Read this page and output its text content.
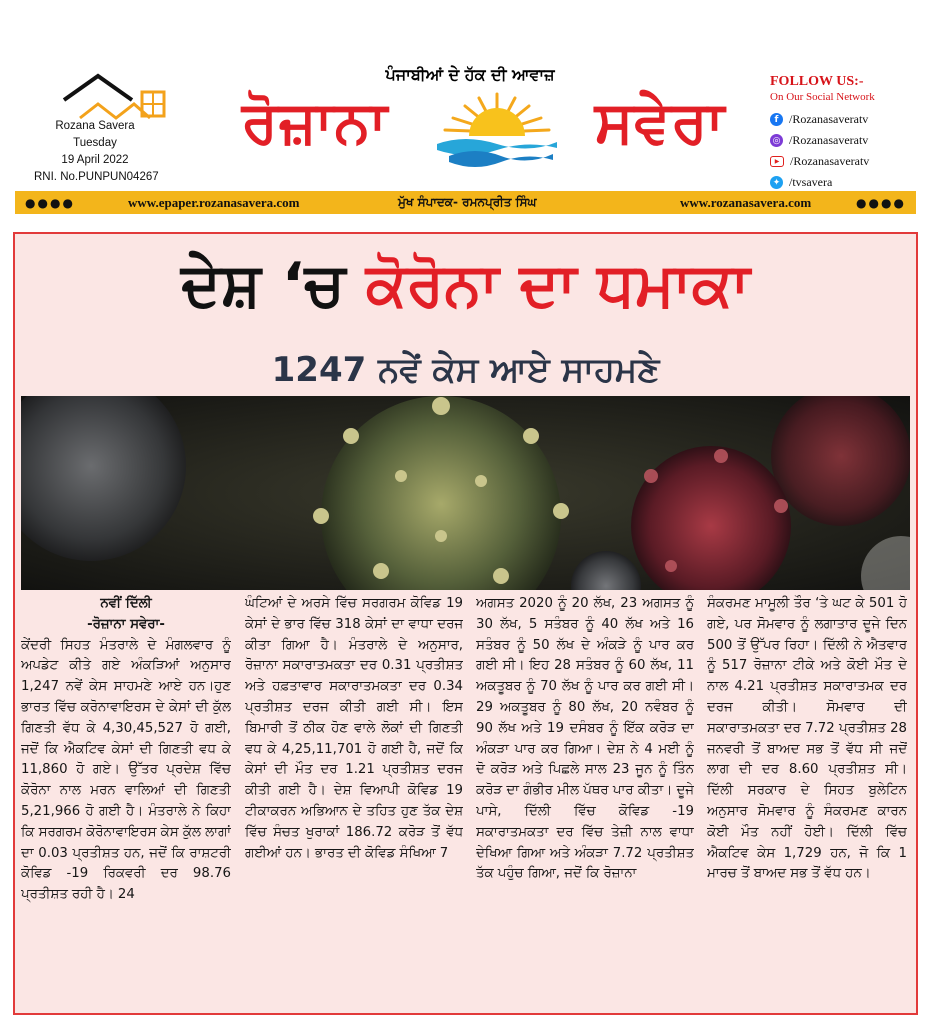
Rozana Savera
Tuesday
19 April 2022
RNI. No.PUNPUN04267
ਪੰਜਾਬੀਆਂ ਦੇ ਹੱਕ ਦੀ ਆਵਾਜ਼
ਰੋਜ਼ਾਨਾ	ਸਵੇਰਾ
FOLLOW US:-
On Our Social Network
f /Rozanasaveratv
◎ /Rozanasaveratv
▶ /Rozanasaveratv
✦ /tvsavera
●●●●	www.epaper.rozanasavera.com	ਮੁੱਖ ਸੰਪਾਦਕ- ਰਮਨਪ੍ਰੀਤ ਸਿੰਘ	www.rozanasavera.com	●●●●
ਦੇਸ਼ ‘ਚ ਕੋਰੋਨਾ ਦਾ ਧਮਾਕਾ
1247 ਨਵੇਂ ਕੇਸ ਆਏ ਸਾਹਮਣੇ

ਨਵੀਂ ਦਿੱਲੀ

-ਰੋਜ਼ਾਨਾ ਸਵੇਰਾ-

ਕੇਂਦਰੀ ਸਿਹਤ ਮੰਤਰਾਲੇ ਦੇ ਮੰਗਲਵਾਰ ਨੂੰ ਅਪਡੇਟ ਕੀਤੇ ਗਏ ਅੰਕੜਿਆਂ ਅਨੁਸਾਰ 1,247 ਨਵੇਂ ਕੇਸ ਸਾਹਮਣੇ ਆਏ ਹਨ।ਹੁਣ ਭਾਰਤ ਵਿੱਚ ਕਰੋਨਾਵਾਇਰਸ ਦੇ ਕੇਸਾਂ ਦੀ ਕੁੱਲ ਗਿਣਤੀ ਵੱਧ ਕੇ 4,30,45,527 ਹੋ ਗਈ, ਜਦੋਂ ਕਿ ਐਕਟਿਵ ਕੇਸਾਂ ਦੀ ਗਿਣਤੀ ਵਧ ਕੇ 11,860 ਹੋ ਗਏ। ਉੱਤਰ ਪ੍ਰਦੇਸ਼ ਵਿੱਚ ਕੋਰੋਨਾ ਨਾਲ ਮਰਨ ਵਾਲਿਆਂ ਦੀ ਗਿਣਤੀ 5,21,966 ਹੋ ਗਈ ਹੈ। ਮੰਤਰਾਲੇ ਨੇ ਕਿਹਾ ਕਿ ਸਰਗਰਮ ਕੋਰੋਨਾਵਾਇਰਸ ਕੇਸ ਕੁੱਲ ਲਾਗਾਂ ਦਾ 0.03 ਪ੍ਰਤੀਸ਼ਤ ਹਨ, ਜਦੋਂ ਕਿ ਰਾਸ਼ਟਰੀ ਕੋਵਿਡ -19 ਰਿਕਵਰੀ ਦਰ 98.76 ਪ੍ਰਤੀਸ਼ਤ ਰਹੀ ਹੈ। 24

ਘੰਟਿਆਂ ਦੇ ਅਰਸੇ ਵਿੱਚ ਸਰਗਰਮ ਕੋਵਿਡ 19 ਕੇਸਾਂ ਦੇ ਭਾਰ ਵਿੱਚ 318 ਕੇਸਾਂ ਦਾ ਵਾਧਾ ਦਰਜ ਕੀਤਾ ਗਿਆ ਹੈ। ਮੰਤਰਾਲੇ ਦੇ ਅਨੁਸਾਰ, ਰੋਜ਼ਾਨਾ ਸਕਾਰਾਤਮਕਤਾ ਦਰ 0.31 ਪ੍ਰਤੀਸ਼ਤ ਅਤੇ ਹਫ਼ਤਾਵਾਰ ਸਕਾਰਾਤਮਕਤਾ ਦਰ 0.34 ਪ੍ਰਤੀਸ਼ਤ ਦਰਜ ਕੀਤੀ ਗਈ ਸੀ। ਇਸ ਬਿਮਾਰੀ ਤੋਂ ਠੀਕ ਹੋਣ ਵਾਲੇ ਲੋਕਾਂ ਦੀ ਗਿਣਤੀ ਵਧ ਕੇ 4,25,11,701 ਹੋ ਗਈ ਹੈ, ਜਦੋਂ ਕਿ ਕੇਸਾਂ ਦੀ ਮੌਤ ਦਰ 1.21 ਪ੍ਰਤੀਸ਼ਤ ਦਰਜ ਕੀਤੀ ਗਈ ਹੈ। ਦੇਸ਼ ਵਿਆਪੀ ਕੋਵਿਡ 19 ਟੀਕਾਕਰਨ ਅਭਿਆਨ ਦੇ ਤਹਿਤ ਹੁਣ ਤੱਕ ਦੇਸ਼ ਵਿੱਚ ਸੰਚਤ ਖੁਰਾਕਾਂ 186.72 ਕਰੋੜ ਤੋਂ ਵੱਧ ਗਈਆਂ ਹਨ। ਭਾਰਤ ਦੀ ਕੋਵਿਡ ਸੰਖਿਆ 7

ਅਗਸਤ 2020 ਨੂੰ 20 ਲੱਖ, 23 ਅਗਸਤ ਨੂੰ 30 ਲੱਖ, 5 ਸਤੰਬਰ ਨੂੰ 40 ਲੱਖ ਅਤੇ 16 ਸਤੰਬਰ ਨੂੰ 50 ਲੱਖ ਦੇ ਅੰਕੜੇ ਨੂੰ ਪਾਰ ਕਰ ਗਈ ਸੀ। ਇਹ 28 ਸਤੰਬਰ ਨੂੰ 60 ਲੱਖ, 11 ਅਕਤੂਬਰ ਨੂੰ 70 ਲੱਖ ਨੂੰ ਪਾਰ ਕਰ ਗਈ ਸੀ। 29 ਅਕਤੂਬਰ ਨੂੰ 80 ਲੱਖ, 20 ਨਵੰਬਰ ਨੂੰ 90 ਲੱਖ ਅਤੇ 19 ਦਸੰਬਰ ਨੂੰ ਇੱਕ ਕਰੋੜ ਦਾ ਅੰਕੜਾ ਪਾਰ ਕਰ ਗਿਆ। ਦੇਸ਼ ਨੇ 4 ਮਈ ਨੂੰ ਦੋ ਕਰੋੜ ਅਤੇ ਪਿਛਲੇ ਸਾਲ 23 ਜੂਨ ਨੂੰ ਤਿੰਨ ਕਰੋੜ ਦਾ ਗੰਭੀਰ ਮੀਲ ਪੱਥਰ ਪਾਰ ਕੀਤਾ। ਦੂਜੇ ਪਾਸੇ, ਦਿੱਲੀ ਵਿੱਚ ਕੋਵਿਡ -19 ਸਕਾਰਾਤਮਕਤਾ ਦਰ ਵਿੱਚ ਤੇਜ਼ੀ ਨਾਲ ਵਾਧਾ ਦੇਖਿਆ ਗਿਆ ਅਤੇ ਅੰਕੜਾ 7.72 ਪ੍ਰਤੀਸ਼ਤ ਤੱਕ ਪਹੁੰਚ ਗਿਆ, ਜਦੋਂ ਕਿ ਰੋਜ਼ਾਨਾ

ਸੰਕਰਮਣ ਮਾਮੂਲੀ ਤੌਰ ‘ਤੇ ਘਟ ਕੇ 501 ਹੋ ਗਏ, ਪਰ ਸੋਮਵਾਰ ਨੂੰ ਲਗਾਤਾਰ ਦੂਜੇ ਦਿਨ 500 ਤੋਂ ਉੱਪਰ ਰਿਹਾ। ਦਿੱਲੀ ਨੇ ਐਤਵਾਰ ਨੂੰ 517 ਰੋਜ਼ਾਨਾ ਟੀਕੇ ਅਤੇ ਕੋਈ ਮੌਤ ਦੇ ਨਾਲ 4.21 ਪ੍ਰਤੀਸ਼ਤ ਸਕਾਰਾਤਮਕ ਦਰ ਦਰਜ ਕੀਤੀ। ਸੋਮਵਾਰ ਦੀ ਸਕਾਰਾਤਮਕਤਾ ਦਰ 7.72 ਪ੍ਰਤੀਸ਼ਤ 28 ਜਨਵਰੀ ਤੋਂ ਬਾਅਦ ਸਭ ਤੋਂ ਵੱਧ ਸੀ ਜਦੋਂ ਲਾਗ ਦੀ ਦਰ 8.60 ਪ੍ਰਤੀਸ਼ਤ ਸੀ। ਦਿੱਲੀ ਸਰਕਾਰ ਦੇ ਸਿਹਤ ਬੁਲੇਟਿਨ ਅਨੁਸਾਰ ਸੋਮਵਾਰ ਨੂੰ ਸੰਕਰਮਣ ਕਾਰਨ ਕੋਈ ਮੌਤ ਨਹੀਂ ਹੋਈ। ਦਿੱਲੀ ਵਿੱਚ ਐਕਟਿਵ ਕੇਸ 1,729 ਹਨ, ਜੋ ਕਿ 1 ਮਾਰਚ ਤੋਂ ਬਾਅਦ ਸਭ ਤੋਂ ਵੱਧ ਹਨ।
